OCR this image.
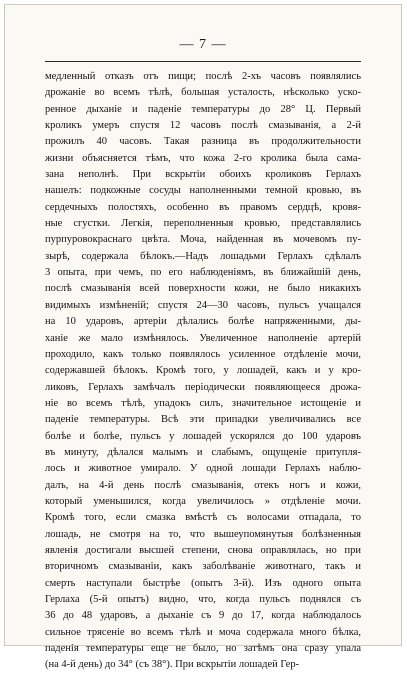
— 7 —
медленный отказъ отъ пищи; послѣ 2-хъ часовъ появлялись
дрожаніе во всемъ тѣлѣ, большая усталость, нѣсколько уско-
ренное дыханіе и паденіе температуры до 28° Ц. Первый
кроликъ умеръ спустя 12 часовъ послѣ смазыванія, а 2-й
прожилъ 40 часовъ. Такая разница въ продолжительности
жизни объясняется тѣмъ, что кожа 2-го кролика была сама-
зана неполнѣ. При вскрытіи обоихъ кроликовъ Герлахъ
нашелъ: подкожные сосуды наполненными темной кровью, въ
сердечныхъ полостяхъ, особенно въ правомъ сердцѣ, кровя-
ные сгустки. Легкія, переполненныя кровью, представлялись
пурпуровокраснаго цвѣта. Моча, найденная въ мочевомъ пу-
зырѣ, содержала бѣлокъ.—Надъ лошадьми Герлахъ сдѣлалъ
3 опыта, при чемъ, по его наблюденіямъ, въ ближайшій день,
послѣ смазыванія всей поверхности кожи, не было никакихъ
видимыхъ измѣненій; спустя 24—30 часовъ, пульсъ учащался
на 10 ударовъ, артеріи дѣлались болѣе напряженными, ды-
ханіе же мало измѣнялось. Увеличенное наполненіе артерій
проходило, какъ только появлялось усиленное отдѣленіе мочи,
содержавшей бѣлокъ. Кромѣ того, у лошадей, какъ и у кро-
ликовъ, Герлахъ замѣчалъ періодически появляющееся дрожа-
ніе во всемъ тѣлѣ, упадокъ силъ, значительное истощеніе и
паденіе температуры. Всѣ эти припадки увеличивались все
болѣе и болѣе, пульсъ у лошадей ускорялся до 100 ударовъ
въ минуту, дѣлался малымъ и слабымъ, ощущеніе притупля-
лось и животное умирало. У одной лошади Герлахъ наблю-
далъ, на 4-й день послѣ смазыванія, отекъ ногъ и кожи,
который уменьшился, когда увеличилось » отдѣленіе мочи.
Кромѣ того, если смазка вмѣстѣ съ волосами отпадала, то
лошадь, не смотря на то, что вышеупомянутыя болѣзненныя
явленія достигали высшей степени, снова оправлялась, но при
вторичномъ смазываніи, какъ заболѣваніе животнаго, такъ и
смерть наступали быстрѣе (опытъ 3-й). Изъ одного опыта
Герлаха (5-й опытъ) видно, что, когда пульсъ поднялся съ
36 до 48 ударовъ, а дыханіе съ 9 до 17, когда наблюдалось
сильное трясеніе во всемъ тѣлѣ и моча содержала много бѣлка,
паденія температуры еще не было, но затѣмъ она сразу упала
(на 4-й день) до 34° (съ 38°). При вскрытіи лошадей Гер-
